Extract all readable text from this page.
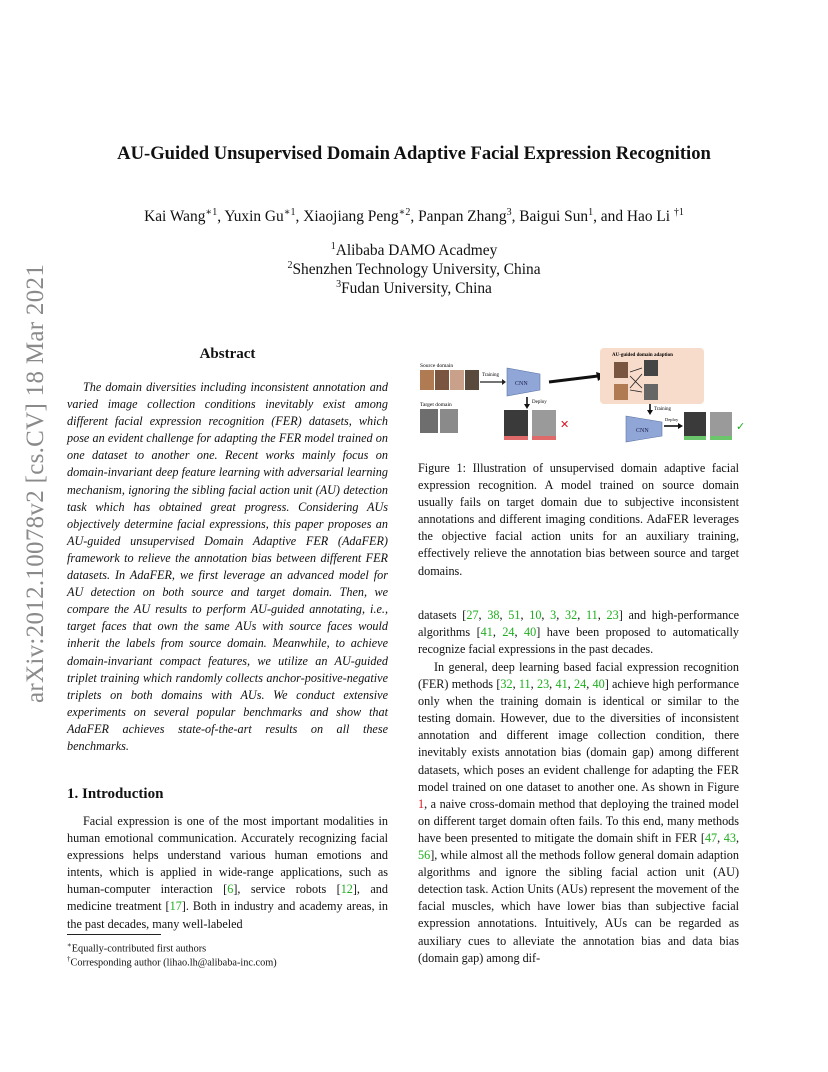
arXiv:2012.10078v2 [cs.CV] 18 Mar 2021
AU-Guided Unsupervised Domain Adaptive Facial Expression Recognition
Kai Wang$^{∗1}$, Yuxin $Gu^{∗1}$, Xiaojiang Peng$^{∗2}$, Panpan Zhang$^3$, Baigui Sun$^1$, and Hao Li $^{\dagger 1}$
$^1$Alibaba DAMO Acadmey
$^2$Shenzhen Technology University, China
$^3$Fudan University, China
Abstract

The domain diversities including inconsistent annotation and varied image collection conditions inevitably exist among different facial expression recognition (FER) datasets, which pose an evident challenge for adapting the FER model trained on one dataset to another one. Recent works mainly focus on domain-invariant deep feature learning with adversarial learning mechanism, ignoring the sibling facial action unit (AU) detection task which has obtained great progress. Considering AUs objectively determine facial expressions, this paper proposes an AU-guided unsupervised Domain Adaptive FER (AdaFER) framework to relieve the annotation bias between different FER datasets. In AdaFER, we first leverage an advanced model for AU detection on both source and target domain. Then, we compare the AU results to perform AU-guided annotating, i.e., target faces that own the same AUs with source faces would inherit the labels from source domain. Meanwhile, to achieve domain-invariant compact features, we utilize an AU-guided triplet training which randomly collects anchor-positive-negative triplets on both domains with AUs. We conduct extensive experiments on several popular benchmarks and show that AdaFER achieves state-of-the-art results on all these benchmarks.

1. Introduction

Facial expression is one of the most important modalities in human emotional communication. Accurately recognizing facial expressions helps understand various human emotions and intents, which is applied in wide-range applications, such as human-computer interaction [6], service robots [12], and medicine treatment [17]. Both in industry and academy areas, in the past decades, many well-labeled

∗Equally-contributed first authors
†Corresponding author (lihao.lh@alibaba-inc.com)
Source domain
Training
CNN
Target domain	Deploy
✕
AU-guided domain adaption
Training
CNN
Deploy
✓

Figure 1: Illustration of unsupervised domain adaptive facial expression recognition. A model trained on source domain usually fails on target domain due to subjective inconsistent annotations and different imaging conditions. AdaFER leverages the objective facial action units for an auxiliary training, effectively relieve the annotation bias between source and target domains.

datasets [27, 38, 51, 10, 3, 32, 11, 23] and high-performance algorithms [41, 24, 40] have been proposed to automatically recognize facial expressions in the past decades.

In general, deep learning based facial expression recognition (FER) methods [32, 11, 23, 41, 24, 40] achieve high performance only when the training domain is identical or similar to the testing domain. However, due to the diversities of inconsistent annotation and different image collection condition, there inevitably exists annotation bias (domain gap) among different datasets, which poses an evident challenge for adapting the FER model trained on one dataset to another one. As shown in Figure 1, a naive cross-domain method that deploying the trained model on different target domain often fails. To this end, many methods have been presented to mitigate the domain shift in FER [47, 43, 56], while almost all the methods follow general domain adaption algorithms and ignore the sibling facial action unit (AU) detection task. Action Units (AUs) represent the movement of the facial muscles, which have lower bias than subjective facial expression annotations. Intuitively, AUs can be regarded as auxiliary cues to alleviate the annotation bias and data bias (domain gap) among dif-
